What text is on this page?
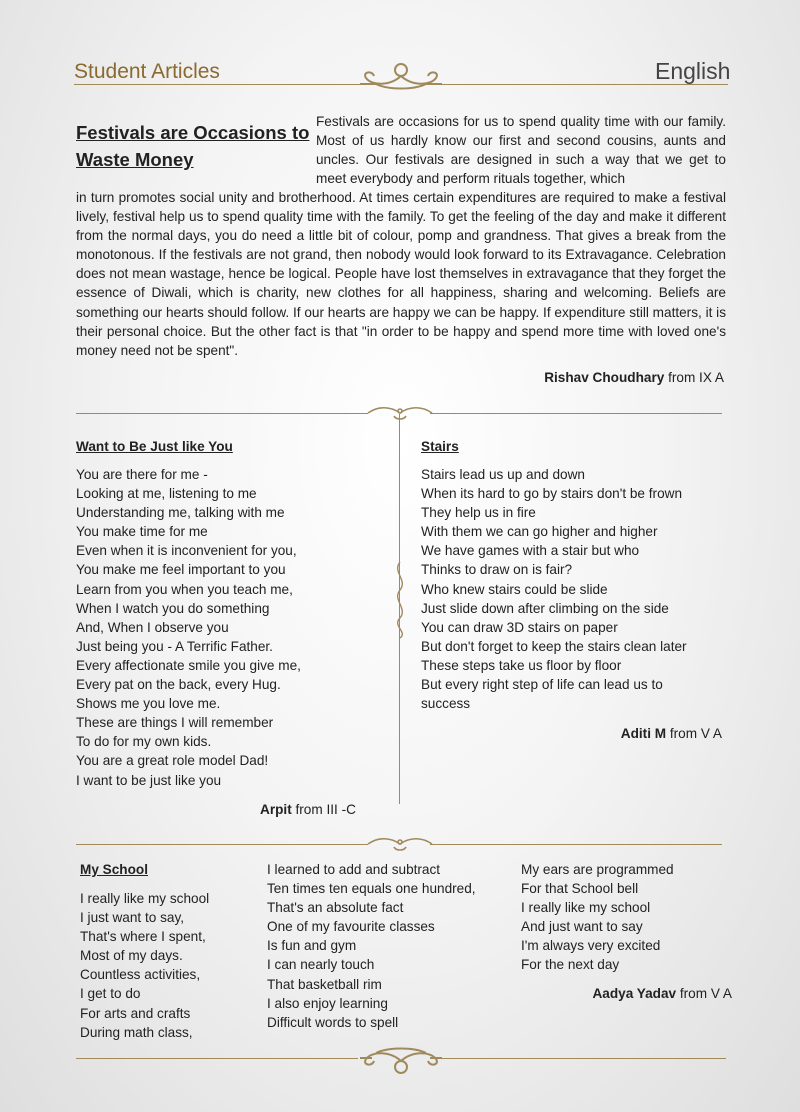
Student Articles	English
Festivals are Occasions to Waste Money
Festivals are occasions for us to spend quality time with our family. Most of us hardly know our first and second cousins, aunts and uncles. Our festivals are designed in such a way that we get to meet everybody and perform rituals together, which
in turn promotes social unity and brotherhood. At times certain expenditures are required to make a festival lively, festival help us to spend quality time with the family. To get the feeling of the day and make it different from the normal days, you do need a little bit of colour, pomp and grandness. That gives a break from the monotonous. If the festivals are not grand, then nobody would look forward to its Extravagance. Celebration does not mean wastage, hence be logical. People have lost themselves in extravagance that they forget the essence of Diwali, which is charity, new clothes for all happiness, sharing and welcoming. Beliefs are something our hearts should follow. If our hearts are happy we can be happy. If expenditure still matters, it is their personal choice. But the other fact is that "in order to be happy and spend more time with loved one's money need not be spent".
Rishav Choudhary from IX A
Want to Be Just like You
You are there for me -
Looking at me, listening to me
Understanding me, talking with me
You make time for me
Even when it is inconvenient for you,
You make me feel important to you
Learn from you when you teach me,
When I watch you do something
And, When I observe you
Just being you - A Terrific Father.
Every affectionate smile you give me,
Every pat on the back, every Hug.
Shows me you love me.
These are things I will remember
To do for my own kids.
You are a great role model Dad!
I want to be just like you
Arpit from III -C
Stairs
Stairs lead us up and down
When its hard to go by stairs don't be frown
They help us in fire
With them we can go higher and higher
We have games with a stair but who
Thinks to draw on is fair?
Who knew stairs could be slide
Just slide down after climbing on the side
You can draw 3D stairs on paper
But don't forget to keep the stairs clean later
These steps take us floor by floor
But every right step of life can lead us to
success
Aditi M from V A
My School
I really like my school
I just want to say,
That's where I spent,
Most of my days.
Countless activities,
I get to do
For arts and crafts
During math class,
I learned to add and subtract
Ten times ten equals one hundred,
That's an absolute fact
One of my favourite classes
Is fun and gym
I can nearly touch
That basketball rim
I also enjoy learning
Difficult words to spell
My ears are programmed
For that School bell
I really like my school
And just want to say
I'm always very excited
For the next day
Aadya Yadav from V A
